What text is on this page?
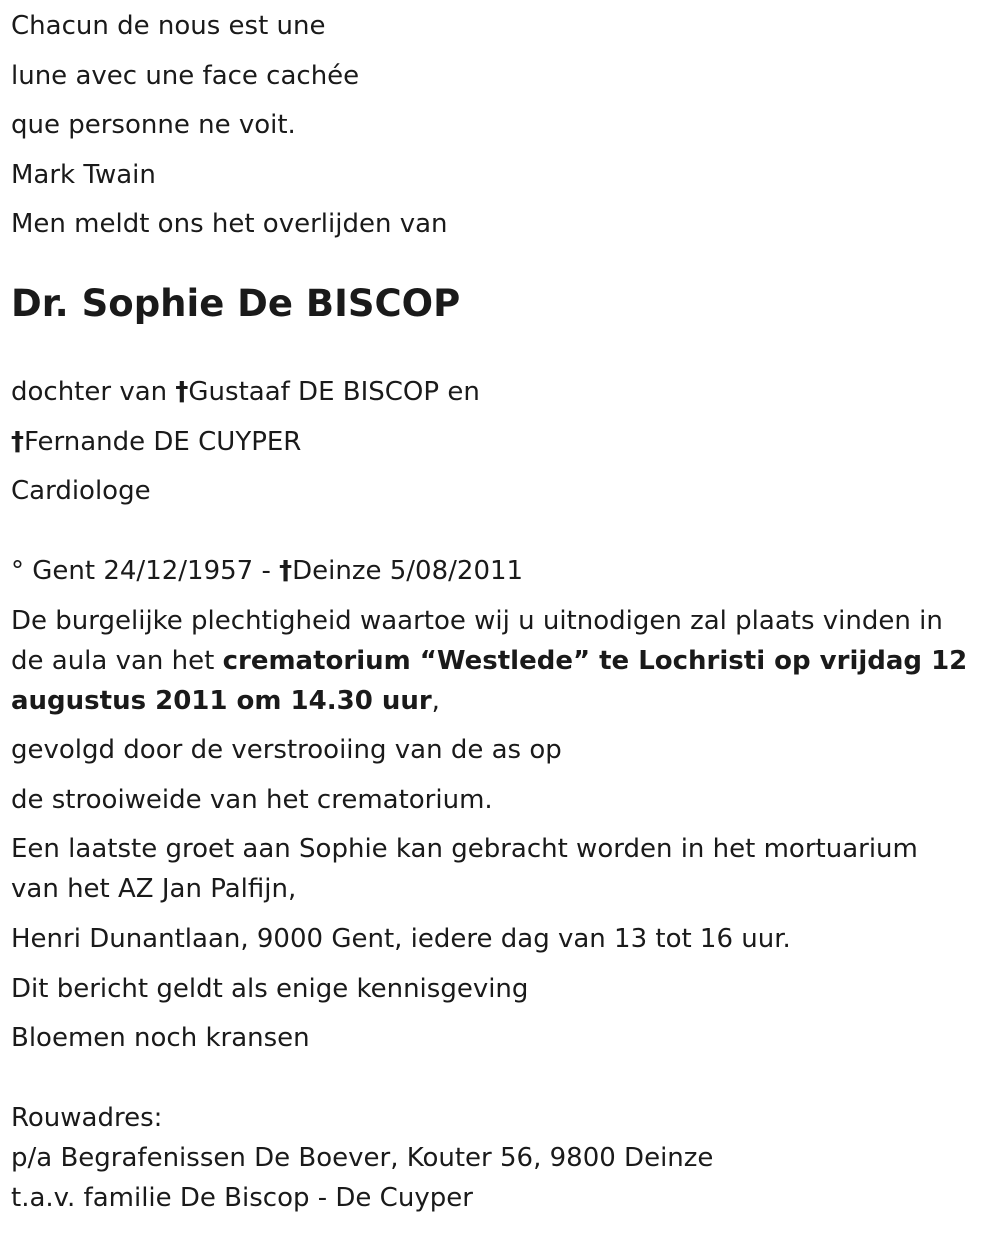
Chacun de nous est une

lune avec une face cachée

que personne ne voit.

Mark Twain

Men meldt ons het overlijden van

Dr. Sophie De BISCOP

dochter van †Gustaaf DE BISCOP en

†Fernande DE CUYPER

Cardiologe

° Gent 24/12/1957 - †Deinze 5/08/2011

De burgelijke plechtigheid waartoe wij u uitnodigen zal plaats vinden in de aula van het crematorium “Westlede” te Lochristi op vrijdag 12 augustus 2011 om 14.30 uur,

gevolgd door de verstrooiing van de as op

de strooiweide van het crematorium.

Een laatste groet aan Sophie kan gebracht worden in het mortuarium van het AZ Jan Palfijn,

Henri Dunantlaan, 9000 Gent, iedere dag van 13 tot 16 uur.

Dit bericht geldt als enige kennisgeving

Bloemen noch kransen

Rouwadres:

p/a Begrafenissen De Boever, Kouter 56, 9800 Deinze

t.a.v. familie De Biscop - De Cuyper
